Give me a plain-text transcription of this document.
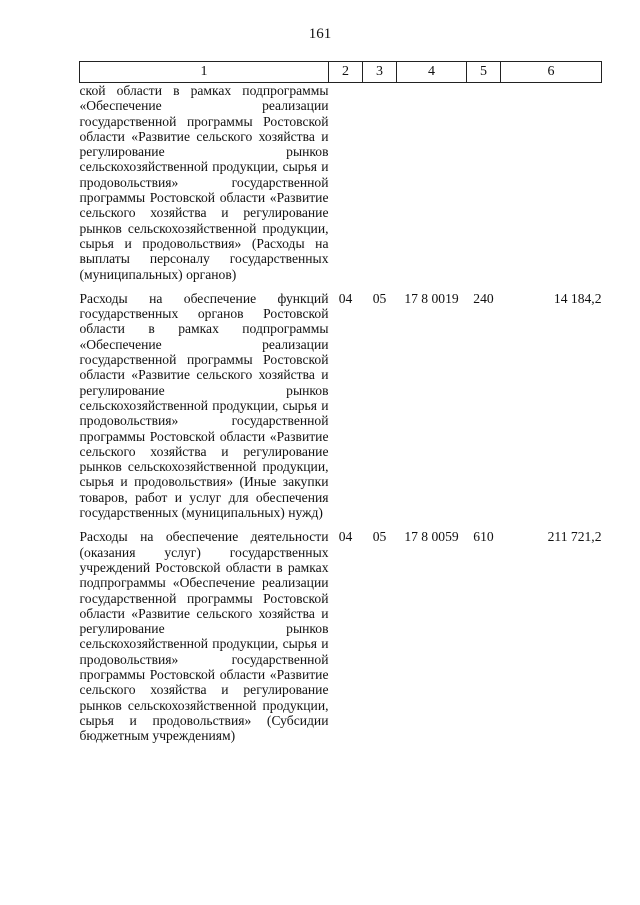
161
1	2	3	4	5	6
ской области в рамках подпрограммы «Обеспечение реализации государственной программы Ростовской области «Развитие сельского хозяйства и регулирование рынков сельскохозяйственной продукции, сырья и продовольствия» государственной программы Ростовской области «Развитие сельского хозяйства и регулирование рынков сельскохозяйственной продукции, сырья и продовольствия» (Расходы на выплаты персоналу государственных (муниципальных) органов)					
Расходы на обеспечение функций государственных органов Ростовской области в рамках подпрограммы «Обеспечение реализации государственной программы Ростовской области «Развитие сельского хозяйства и регулирование рынков сельскохозяйственной продукции, сырья и продовольствия» государственной программы Ростовской области «Развитие сельского хозяйства и регулирование рынков сельскохозяйственной продукции, сырья и продовольствия» (Иные закупки товаров, работ и услуг для обеспечения государственных (муниципальных) нужд)	04	05	17 8 0019	240	14 184,2
Расходы на обеспечение деятельности (оказания услуг) государственных учреждений Ростовской области в рамках подпрограммы «Обеспечение реализации государственной программы Ростовской области «Развитие сельского хозяйства и регулирование рынков сельскохозяйственной продукции, сырья и продовольствия» государственной программы Ростовской области «Развитие сельского хозяйства и регулирование рынков сельскохозяйственной продукции, сырья и продовольствия» (Субсидии бюджетным учреждениям)	04	05	17 8 0059	610	211 721,2
